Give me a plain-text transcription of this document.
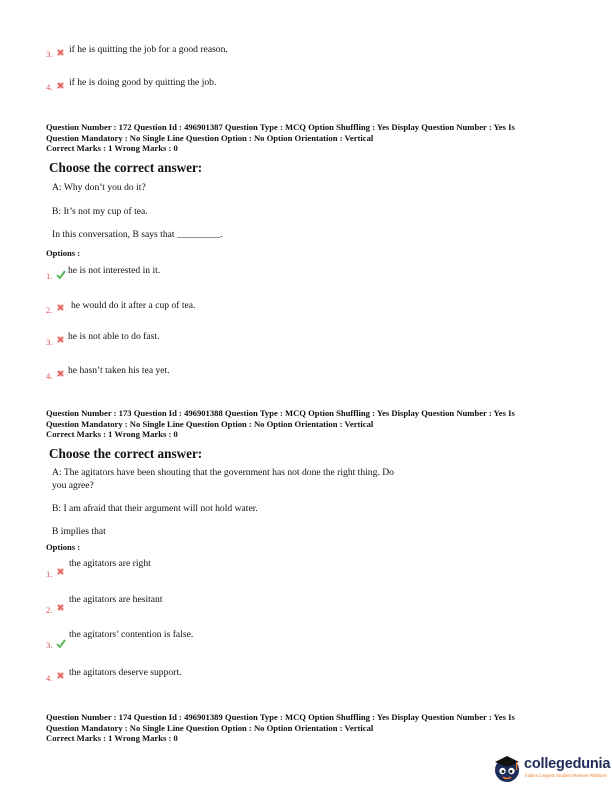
3. if he is quitting the job for a good reason.
4. if he is doing good by quitting the job.
Question Number : 172 Question Id : 496901387 Question Type : MCQ Option Shuffling : Yes Display Question Number : Yes Is
Question Mandatory : No Single Line Question Option : No Option Orientation : Vertical
Correct Marks : 1 Wrong Marks : 0
Choose the correct answer:
A: Why don’t you do it?
B: It’s not my cup of tea.
In this conversation, B says that _________.
Options :
1. he is not interested in it.
2. he would do it after a cup of tea.
3. he is not able to do fast.
4. he hasn’t taken his tea yet.
Question Number : 173 Question Id : 496901388 Question Type : MCQ Option Shuffling : Yes Display Question Number : Yes Is
Question Mandatory : No Single Line Question Option : No Option Orientation : Vertical
Correct Marks : 1 Wrong Marks : 0
Choose the correct answer:
A: The agitators have been shouting that the government has not done the right thing. Do
you agree?
B: I am afraid that their argument will not hold water.
B implies that
Options :
the agitators are right
1.
the agitators are hesitant
2.
the agitators’ contention is false.
3.
4. the agitators deserve support.
Question Number : 174 Question Id : 496901389 Question Type : MCQ Option Shuffling : Yes Display Question Number : Yes Is
Question Mandatory : No Single Line Question Option : No Option Orientation : Vertical
Correct Marks : 1 Wrong Marks : 0
collegedunia
India's Largest Student Review Platform
